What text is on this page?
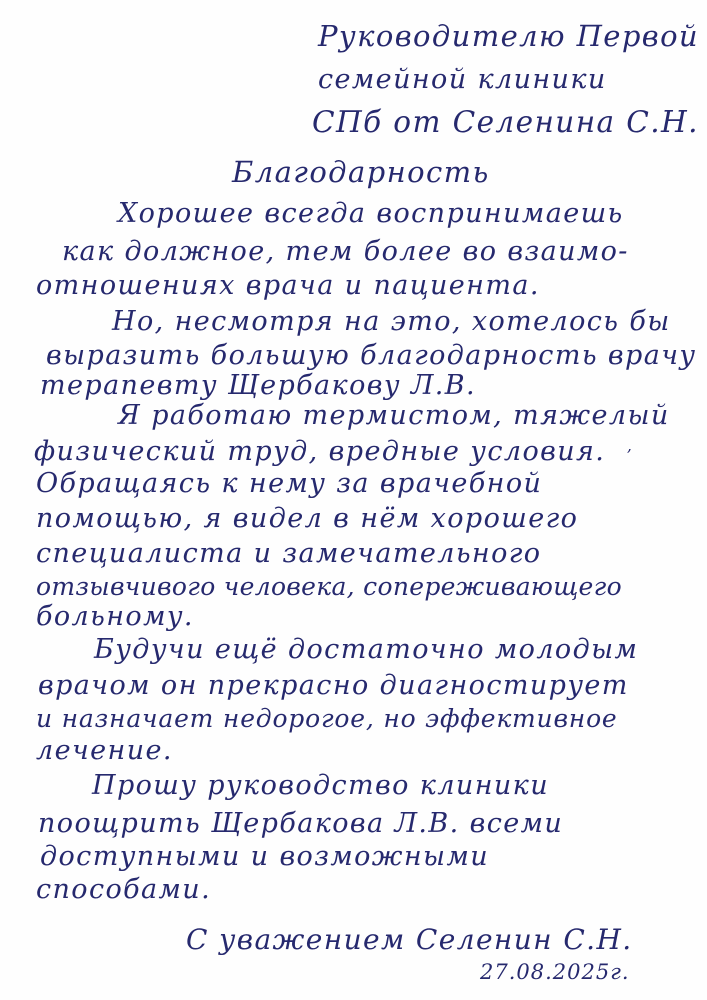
Руководителю Первой
семейной клиники
СПб от Селенина С.Н.
Благодарность
Хорошее всегда воспринимаешь
как должное, тем более во взаимо-
отношениях врача и пациента.
Но, несмотря на это, хотелось бы
выразить большую благодарность врачу
терапевту Щербакову Л.В.
Я работаю термистом, тяжелый
физический труд, вредные условия.
Обращаясь к нему за врачебной
помощью, я видел в нём хорошего
специалиста и замечательного
отзывчивого человека, сопереживающего
больному.
Будучи ещё достаточно молодым
врачом он прекрасно диагностирует
и назначает недорогое, но эффективное
лечение.
Прошу руководство клиники
поощрить Щербакова Л.В. всеми
доступными и возможными
способами.
С уважением Селенин С.Н.
27.08.2025г.
ʼ
